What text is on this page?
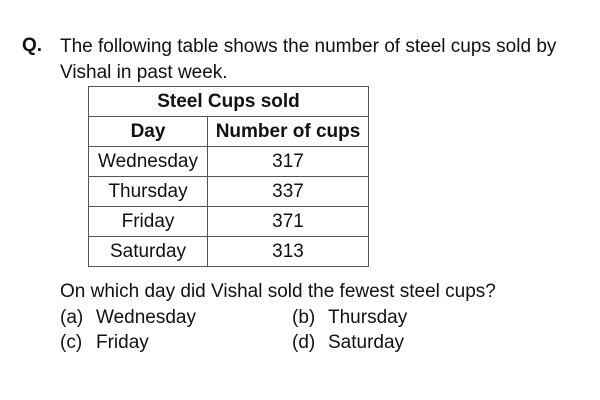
Q. The following table shows the number of steel cups sold by
Vishal in past week.
Steel Cups sold	
Day	Number of cups
Wednesday	317
Thursday	337
Friday	371
Saturday	313
On which day did Vishal sold the fewest steel cups?
(a) Wednesday	(b) Thursday
(c) Friday	(d) Saturday
